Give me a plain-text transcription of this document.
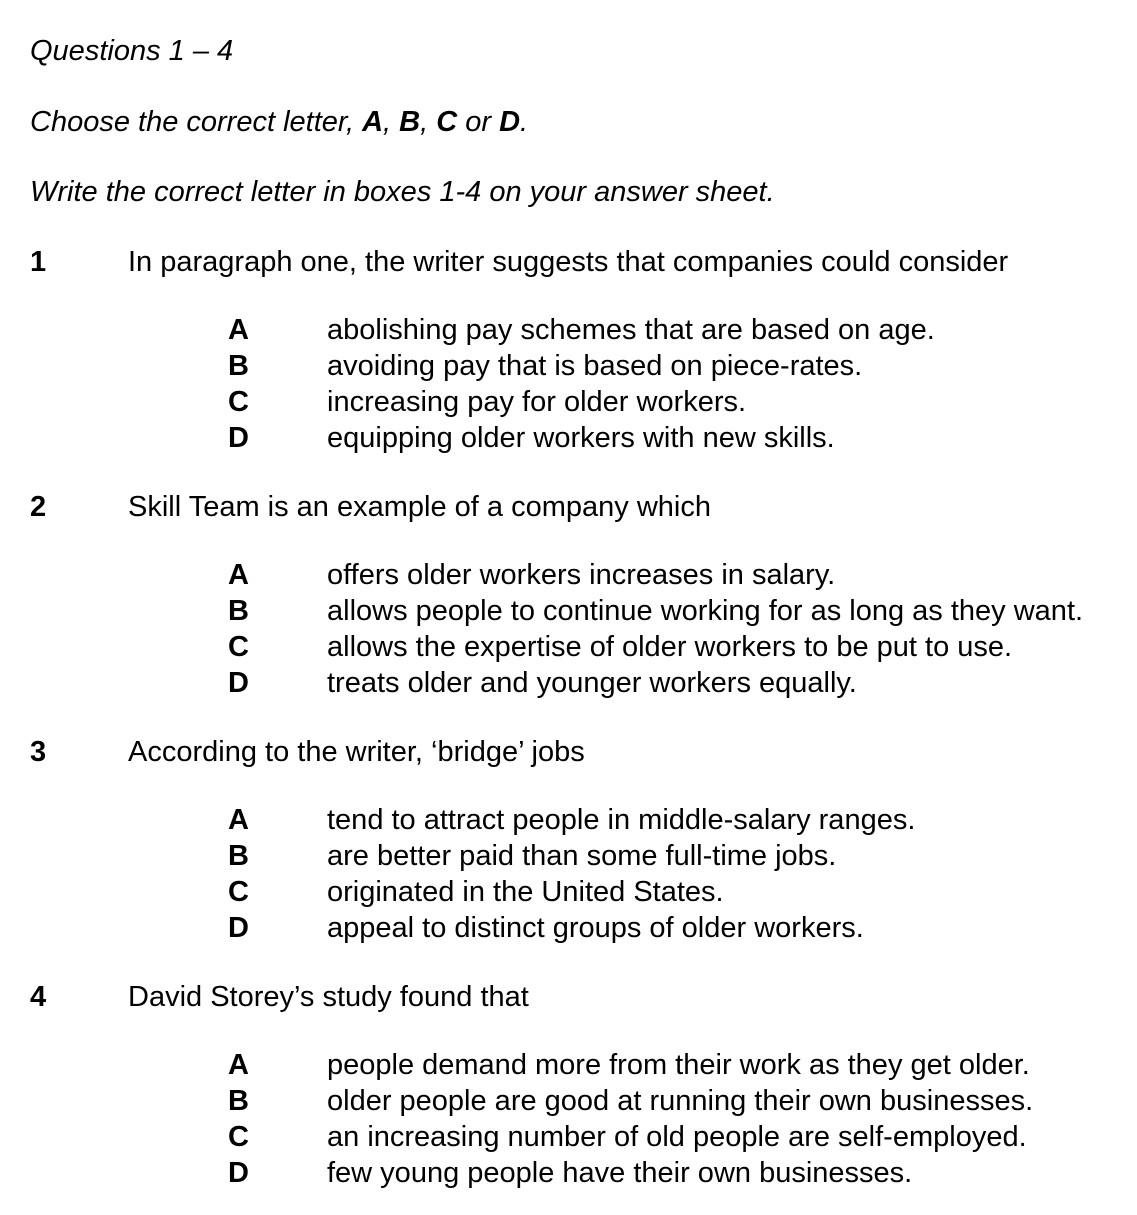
Questions 1 – 4

Choose the correct letter, A, B, C or D.

Write the correct letter in boxes 1-4 on your answer sheet.

1	In paragraph one, the writer suggests that companies could consider
A	abolishing pay schemes that are based on age.
B	avoiding pay that is based on piece-rates.
C	increasing pay for older workers.
D	equipping older workers with new skills.
2	Skill Team is an example of a company which
A	offers older workers increases in salary.
B	allows people to continue working for as long as they want.
C	allows the expertise of older workers to be put to use.
D	treats older and younger workers equally.
3	According to the writer, ‘bridge’ jobs
A	tend to attract people in middle-salary ranges.
B	are better paid than some full-time jobs.
C	originated in the United States.
D	appeal to distinct groups of older workers.
4	David Storey’s study found that
A	people demand more from their work as they get older.
B	older people are good at running their own businesses.
C	an increasing number of old people are self-employed.
D	few young people have their own businesses.
